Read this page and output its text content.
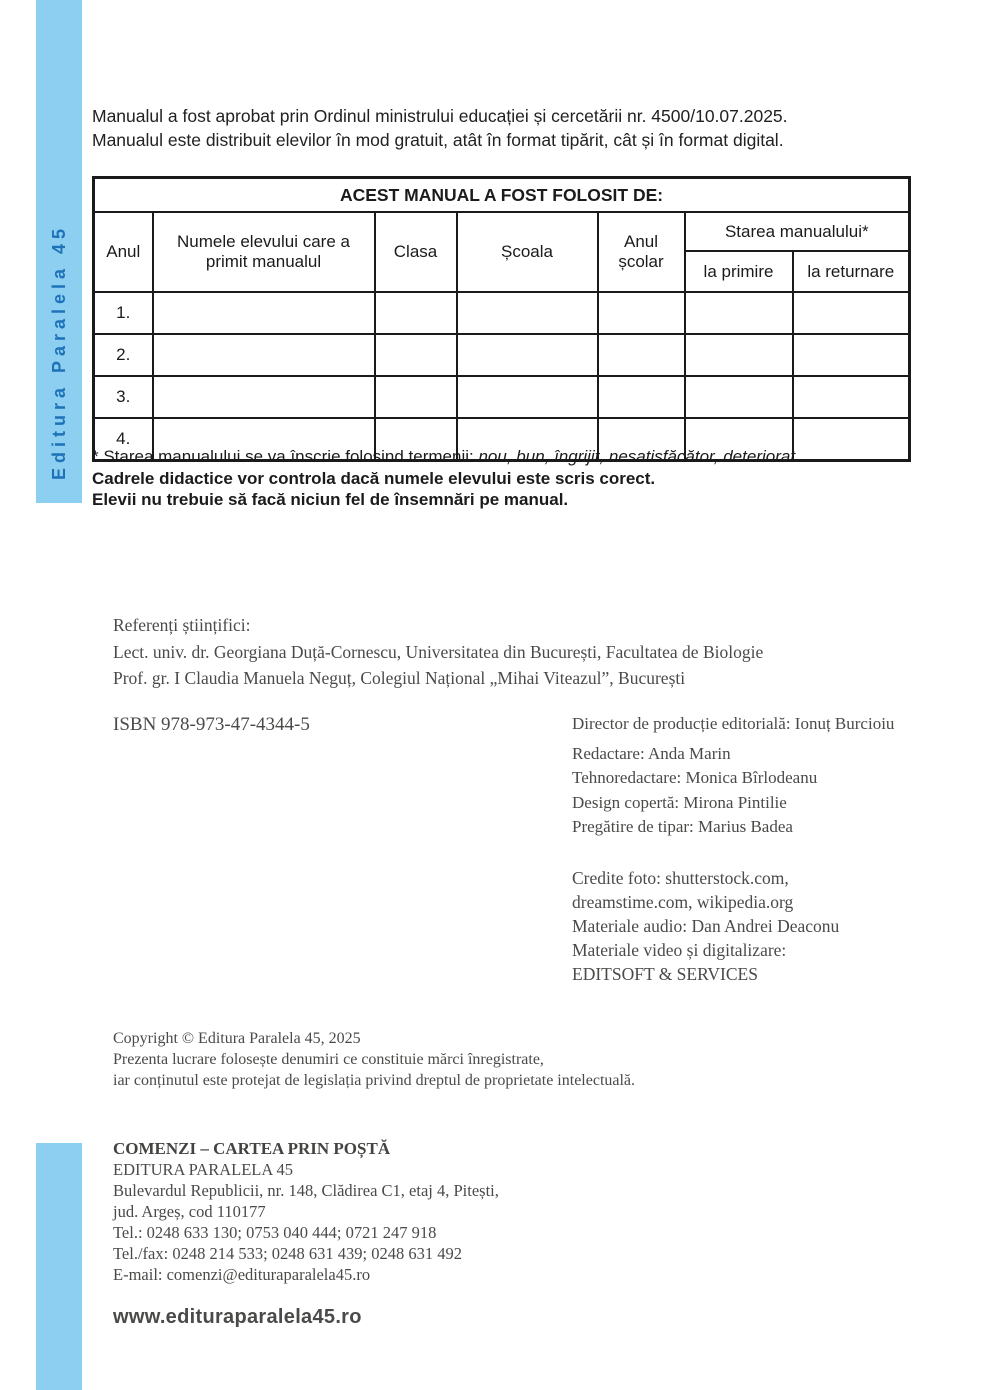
Editura Paralela 45
Manualul a fost aprobat prin Ordinul ministrului educației și cercetării nr. 4500/10.07.2025.
Manualul este distribuit elevilor în mod gratuit, atât în format tipărit, cât și în format digital.
ACEST MANUAL A FOST FOLOSIT DE:						
Anul	Numele elevului care a primit manualul	Clasa	Școala	Anul școlar	Starea manualului*	
					la primire	la returnare
1.						
2.						
3.						
4.						
* Starea manualului se va înscrie folosind termenii: nou, bun, îngrijit, nesatisfăcător, deteriorat.
Cadrele didactice vor controla dacă numele elevului este scris corect.
Elevii nu trebuie să facă niciun fel de însemnări pe manual.
Referenți științifici:
Lect. univ. dr. Georgiana Duță-Cornescu, Universitatea din București, Facultatea de Biologie
Prof. gr. I Claudia Manuela Neguț, Colegiul Național „Mihai Viteazul”, București
ISBN 978-973-47-4344-5	Director de producție editorială: Ionuț Burcioiu
Redactare: Anda Marin
Tehnoredactare: Monica Bîrlodeanu
Design copertă: Mirona Pintilie
Pregătire de tipar: Marius Badea
Credite foto: shutterstock.com,
dreamstime.com, wikipedia.org
Materiale audio: Dan Andrei Deaconu
Materiale video și digitalizare:
EDITSOFT & SERVICES
Copyright © Editura Paralela 45, 2025
Prezenta lucrare folosește denumiri ce constituie mărci înregistrate,
iar conținutul este protejat de legislația privind dreptul de proprietate intelectuală.
COMENZI – CARTEA PRIN POȘTĂ
EDITURA PARALELA 45
Bulevardul Republicii, nr. 148, Clădirea C1, etaj 4, Pitești,
jud. Argeș, cod 110177
Tel.: 0248 633 130; 0753 040 444; 0721 247 918
Tel./fax: 0248 214 533; 0248 631 439; 0248 631 492
E-mail: comenzi@edituraparalela45.ro
www.edituraparalela45.ro
